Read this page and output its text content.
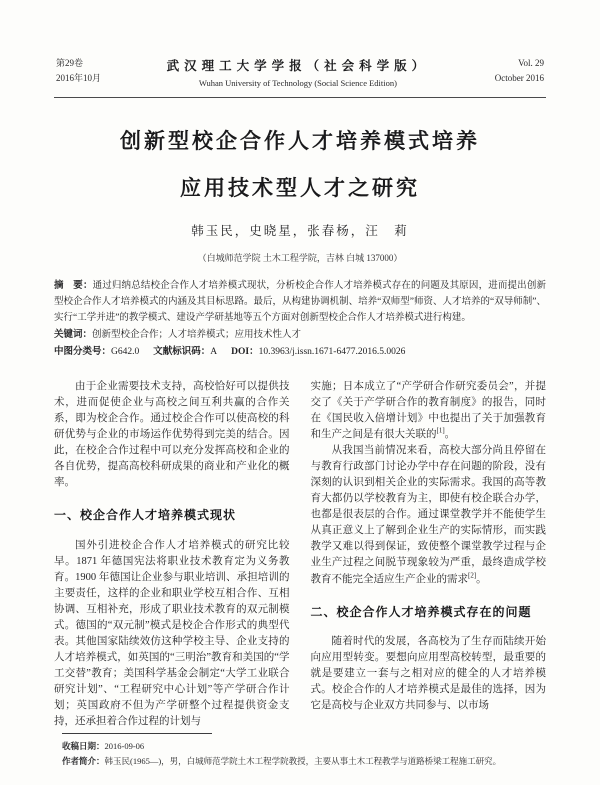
第29卷
2016年10月
武汉理工大学学报（社会科学版）
Wuhan University of Technology (Social Science Edition)
Vol. 29
October 2016
创新型校企合作人才培养模式培养
应用技术型人才之研究
韩玉民，史晓星，张春杨，汪　莉
（白城师范学院 土木工程学院，吉林 白城 137000）
摘　要：通过归纳总结校企合作人才培养模式现状，分析校企合作人才培养模式存在的问题及其原因，进而提出创新型校企合作人才培养模式的内涵及其目标思路。最后，从构建协调机制、培养“双师型”师资、人才培养的“双导师制”、实行“工学并进”的教学模式、建设产学研基地等五个方面对创新型校企合作人才培养模式进行构建。
关键词：创新型校企合作；人才培养模式；应用技术性人才
中图分类号：G642.0 文献标识码：A DOI：10.3963/j.issn.1671-6477.2016.5.0026

由于企业需要技术支持，高校恰好可以提供技术，进而促使企业与高校之间互利共赢的合作关系，即为校企合作。通过校企合作可以使高校的科研优势与企业的市场运作优势得到完美的结合。因此，在校企合作过程中可以充分发挥高校和企业的各自优势，提高高校科研成果的商业和产业化的概率。

一、校企合作人才培养模式现状

国外引进校企合作人才培养模式的研究比较早。1871 年德国宪法将职业技术教育定为义务教育。1900 年德国让企业参与职业培训、承担培训的主要责任，这样的企业和职业学校互相合作、互相协调、互相补充，形成了职业技术教育的双元制模式。德国的“双元制”模式是校企合作形式的典型代表。其他国家陆续效仿这种学校主导、企业支持的人才培养模式，如英国的“三明治”教育和美国的“学工交替”教育；美国科学基金会制定“大学工业联合研究计划”、“工程研究中心计划”等产学研合作计划；英国政府不但为产学研整个过程提供资金支持，还承担着合作过程的计划与

实施；日本成立了“产学研合作研究委员会”，并提交了《关于产学研合作的教育制度》的报告，同时在《国民收入倍增计划》中也提出了关于加强教育和生产之间是有很大关联的[1]。

从我国当前情况来看，高校大部分尚且停留在与教育行政部门讨论办学中存在问题的阶段，没有深刻的认识到相关企业的实际需求。我国的高等教育大都仍以学校教育为主，即使有校企联合办学，也都是很表层的合作。通过课堂教学并不能使学生从真正意义上了解到企业生产的实际情形，而实践教学又难以得到保证，致使整个课堂教学过程与企业生产过程之间脱节现象较为严重，最终造成学校教育不能完全适应生产企业的需求[2]。

二、校企合作人才培养模式存在的问题

随着时代的发展，各高校为了生存而陆续开始向应用型转变。要想向应用型高校转型，最重要的就是要建立一套与之相对应的健全的人才培养模式。校企合作的人才培养模式是最佳的选择，因为它是高校与企业双方共同参与、以市场

收稿日期：2016-09-06
作者简介：韩玉民(1965—)，男，白城师范学院土木工程学院教授，主要从事土木工程教学与道路桥梁工程施工研究。
